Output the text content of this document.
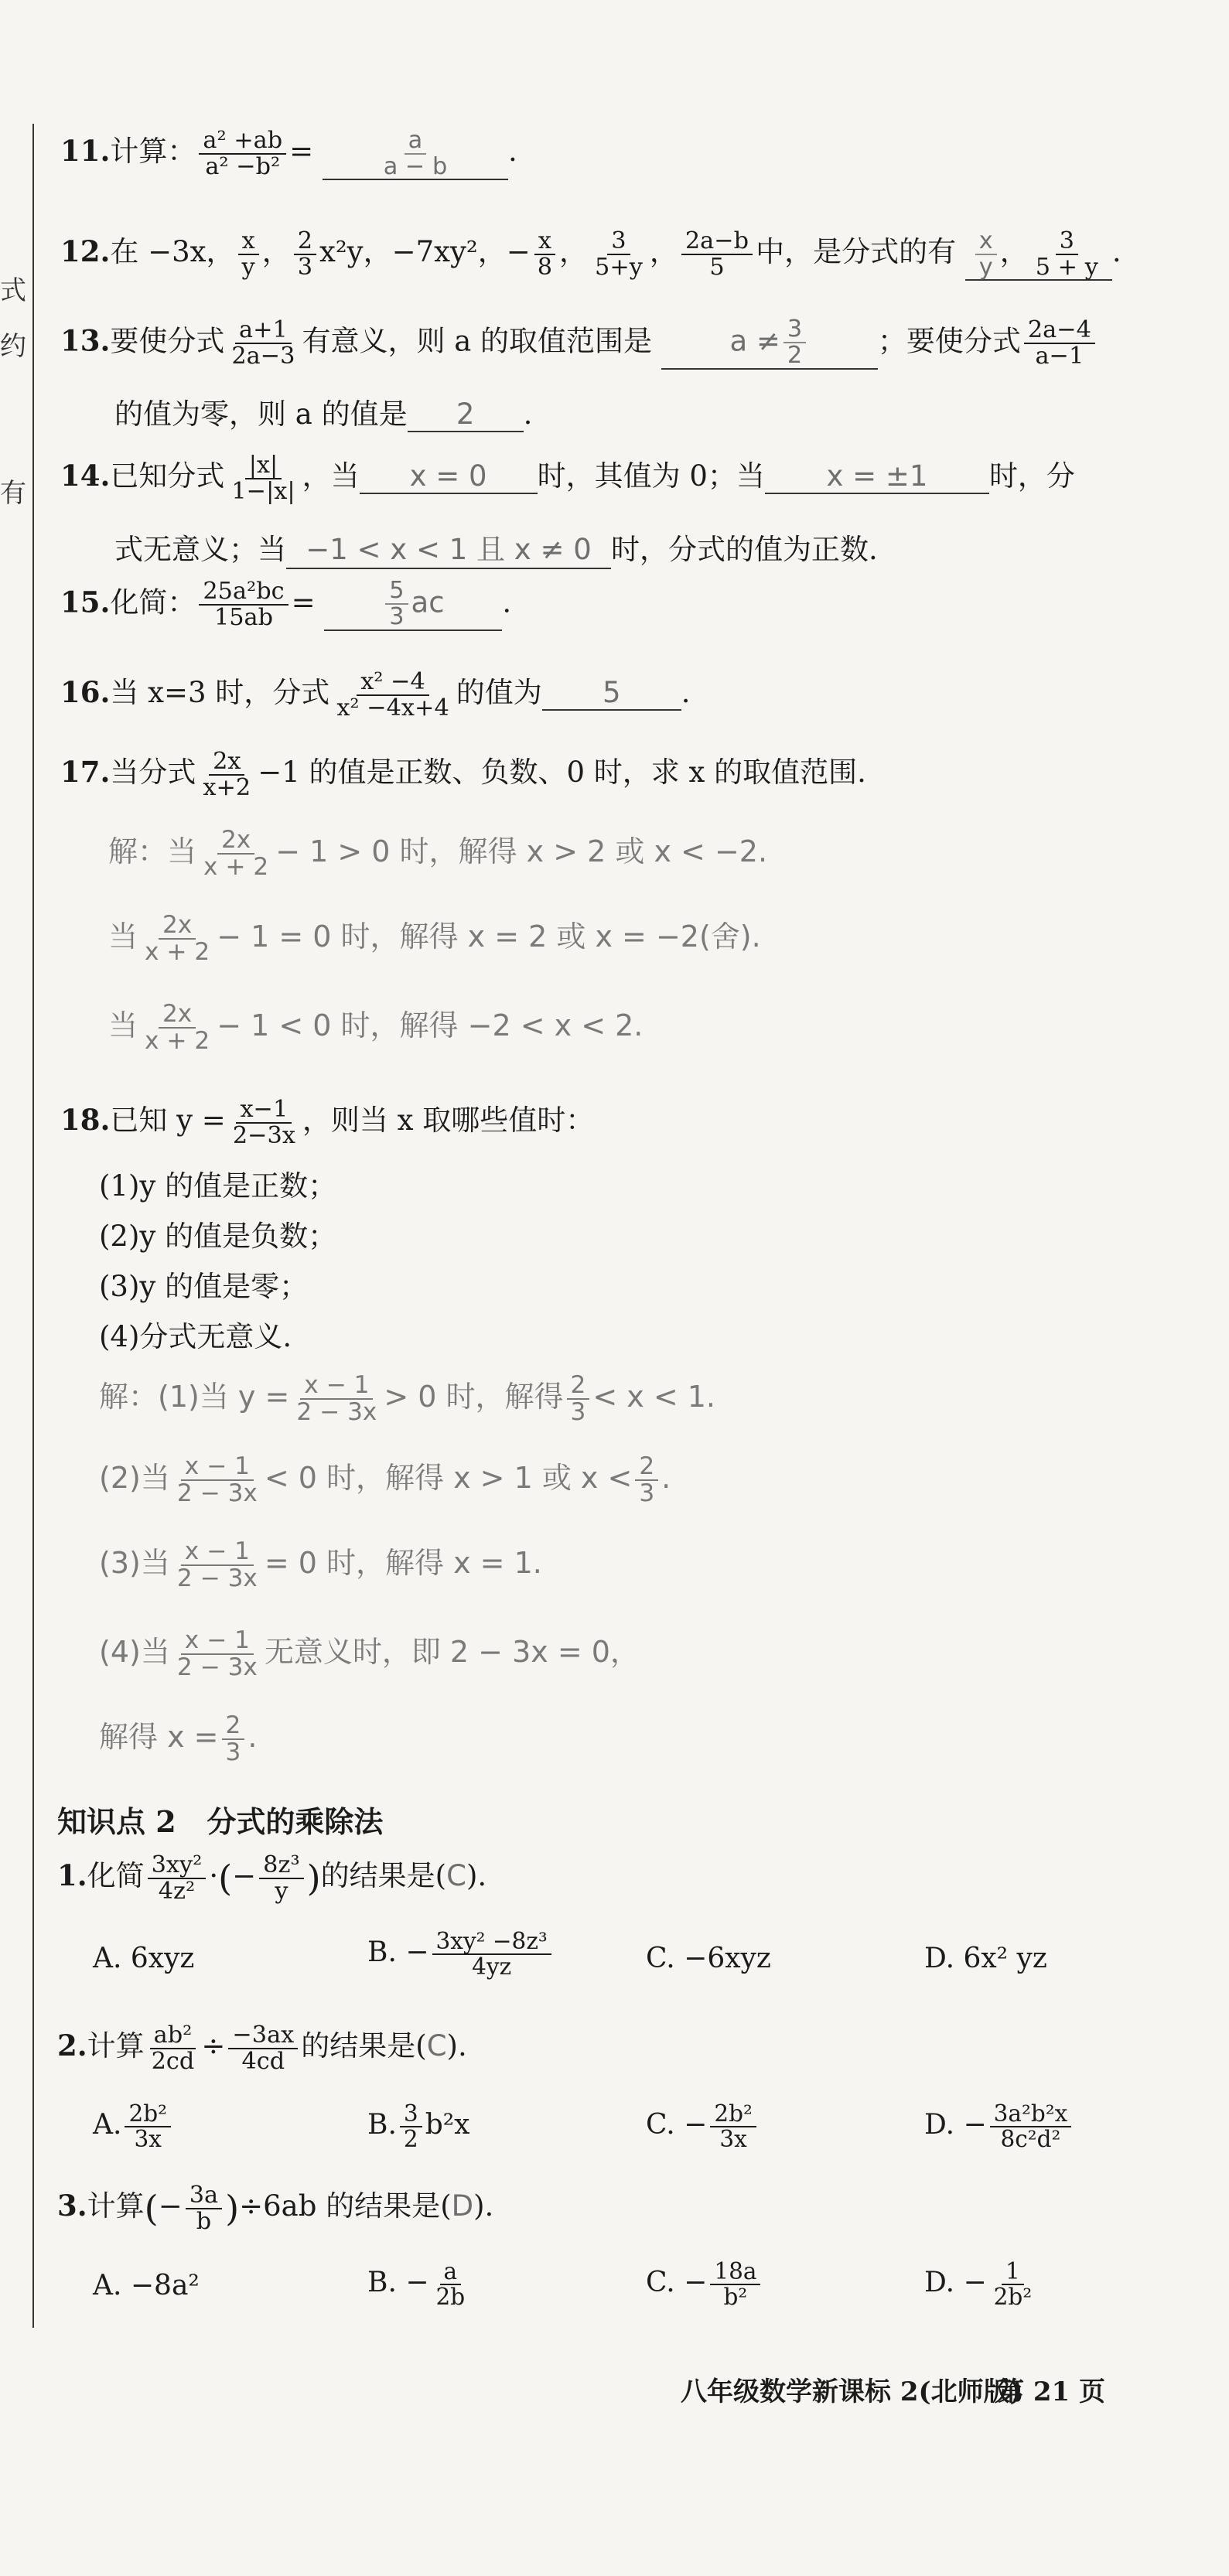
式
约
有
11.计算： $\frac{\text{a² +ab}}{\text{a² −b²}}$ =	$\frac{a}{a - b}$ .
12.在 −3x， $\frac{x}{y}$ ， $\frac{2}{3} x^2y$，−7xy²，− $\frac{x}{8}$ ， $\frac{3}{5+y}$ ， $\frac{2a-b}{5}$ 中，是分式的有 $\frac{x}{y}$ ， $\frac{3}{5 + y}$ .
13.要使分式 $\frac{a+1}{2a-3}$ 有意义，则 a 的取值范围是	$a \ne \frac{3}{2}$	；要使分式 $\frac{2a-4}{a-1}$
的值为零，则 a 的值是 2 .
14.已知分式 $\frac{|x|}{1-|x|}$ ，当 x = 0 时，其值为 0；当 x = ±1 时，分
式无意义；当 −1 < x < 1 且 x ≠ 0 时，分式的值为正数.
15.化简： $\frac{\text{25a²bc}}{15ab}$ =	$\frac{5}{3}$ ac .
16.当 x=3 时，分式 $\frac{\text{x² −4}}{\text{x² −4x+4}}$ 的值为 5 .
17.当分式 $\frac{2x}{x+2} -1$ 的值是正数、负数、0 时，求 x 的取值范围.
解：当 $\frac{2x}{x + 2} - 1 > 0$ 时，解得 x > 2 或 x < −2.
当 $\frac{2x}{x + 2} - 1 = 0$ 时，解得 x = 2 或 x = −2(舍).
当 $\frac{2x}{x + 2} - 1 < 0$ 时，解得 −2 < x < 2.
18.已知 $y = \frac{x-1}{2-3x}$ ，则当 x 取哪些值时：
(1)y 的值是正数；
(2)y 的值是负数；
(3)y 的值是零；
(4)分式无意义.
解：(1)当 $y = \frac{x - 1}{2 - 3x} > 0$ 时，解得 $\frac{2}{3} < x < 1$.
(2)当 $\frac{x - 1}{2 - 3x} < 0$ 时，解得 x > 1 或 $x < \frac{2}{3}$ .
(3)当 $\frac{x - 1}{2 - 3x} = 0$ 时，解得 x = 1.
(4)当 $\frac{x - 1}{2 - 3x}$ 无意义时，即 2 − 3x = 0，
解得 $x = \frac{2}{3}$ .
知识点 2 分式的乘除法
1.化简 $\frac{\text{3xy²}}{\text{4z²}}$ ·(− $\frac{\text{8z³}}{y}$ )的结果是(C).
A. 6xyz	B. − $\frac{\text{3xy² −8z³}}{4yz}$	C. −6xyz	D. 6x² yz
2.计算 $\frac{\text{ab²}}{2cd} \div \frac{-3ax}{4cd}$ 的结果是(C).
A. $\frac{\text{2b²}}{3x}$	B. $\frac{3}{2} b^2x$	C. − $\frac{\text{2b²}}{3x}$	D. − $\frac{\text{3a²b²x}}{\text{8c²d²}}$
3.计算(− $\frac{3a}{b} )\div 6ab$ 的结果是(D).
A. −8a²	B. − $\frac{a}{2b}$	C. − $\frac{18a}{\text{b²}}$	D. − $\frac{1}{\text{2b²}}$
八年级数学新课标 2(北师版)
第 21 页
